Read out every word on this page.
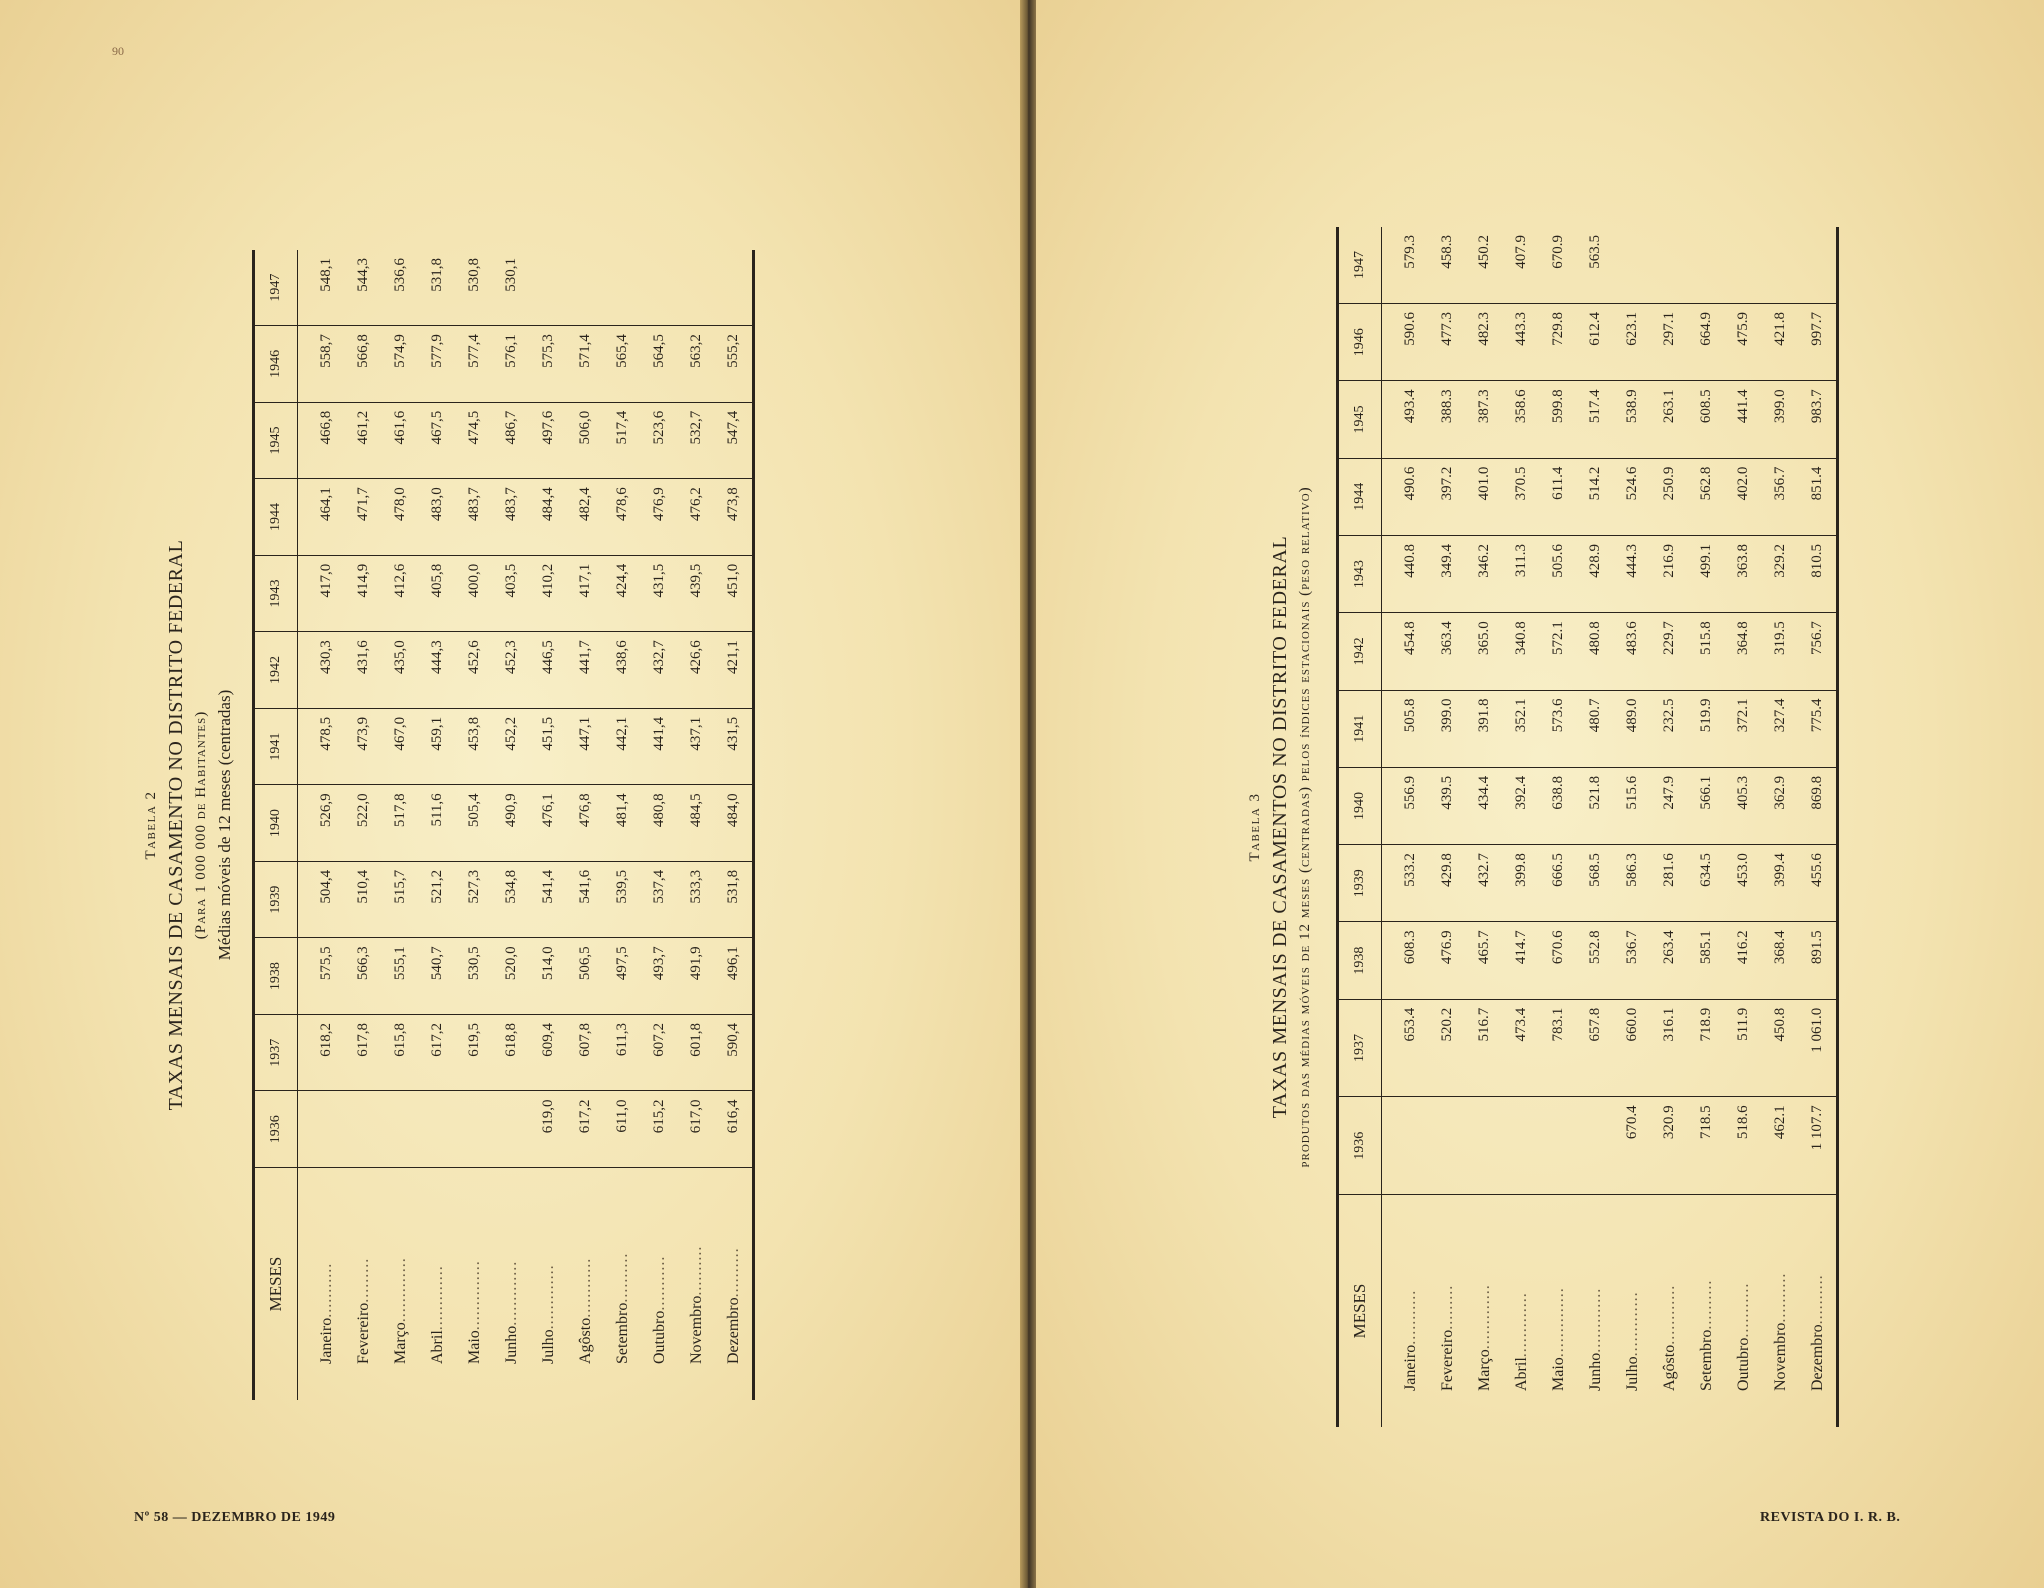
90
Tabela 2 TAXAS MENSAIS DE CASAMENTO NO DISTRITO FEDERAL (Para 1 000 000 de Habitantes) Médias móveis de 12 meses (centradas)
MESES	1936	1937	1938	1939	1940	1941	1942	1943	1944	1945	1946	1947
Janeiro...........		618,2	575,5	504,4	526,9	478,5	430,3	417,0	464,1	466,8	558,7	548,1
Fevereiro.........		617,8	566,3	510,4	522,0	473,9	431,6	414,9	471,7	461,2	566,8	544,3
Março.............		615,8	555,1	515,7	517,8	467,0	435,0	412,6	478,0	461,6	574,9	536,6
Abril.............		617,2	540,7	521,2	511,6	459,1	444,3	405,8	483,0	467,5	577,9	531,8
Maio..............		619,5	530,5	527,3	505,4	453,8	452,6	400,0	483,7	474,5	577,4	530,8
Junho.............		618,8	520,0	534,8	490,9	452,2	452,3	403,5	483,7	486,7	576,1	530,1
Julho.............	619,0	609,4	514,0	541,4	476,1	451,5	446,5	410,2	484,4	497,6	575,3	
Agôsto............	617,2	607,8	506,5	541,6	476,8	447,1	441,7	417,1	482,4	506,0	571,4	
Setembro..........	611,0	611,3	497,5	539,5	481,4	442,1	438,6	424,4	478,6	517,4	565,4	
Outubro...........	615,2	607,2	493,7	537,4	480,8	441,4	432,7	431,5	476,9	523,6	564,5	
Novembro..........	617,0	601,8	491,9	533,3	484,5	437,1	426,6	439,5	476,2	532,7	563,2	
Dezembro..........	616,4	590,4	496,1	531,8	484,0	431,5	421,1	451,0	473,8	547,4	555,2	
Tabela 3 TAXAS MENSAIS DE CASAMENTOS NO DISTRITO FEDERAL produtos das médias móveis de 12 meses (centradas) pelos índices estacionais (peso relativo)
MESES	1936	1937	1938	1939	1940	1941	1942	1943	1944	1945	1946	1947
Janeiro...........		653.4	608.3	533.2	556.9	505.8	454.8	440.8	490.6	493.4	590.6	579.3
Fevereiro.........		520.2	476.9	429.8	439.5	399.0	363.4	349.4	397.2	388.3	477.3	458.3
Março.............		516.7	465.7	432.7	434.4	391.8	365.0	346.2	401.0	387.3	482.3	450.2
Abril.............		473.4	414.7	399.8	392.4	352.1	340.8	311.3	370.5	358.6	443.3	407.9
Maio..............		783.1	670.6	666.5	638.8	573.6	572.1	505.6	611.4	599.8	729.8	670.9
Junho.............		657.8	552.8	568.5	521.8	480.7	480.8	428.9	514.2	517.4	612.4	563.5
Julho.............	670.4	660.0	536.7	586.3	515.6	489.0	483.6	444.3	524.6	538.9	623.1	
Agôsto............	320.9	316.1	263.4	281.6	247.9	232.5	229.7	216.9	250.9	263.1	297.1	
Setembro..........	718.5	718.9	585.1	634.5	566.1	519.9	515.8	499.1	562.8	608.5	664.9	
Outubro...........	518.6	511.9	416.2	453.0	405.3	372.1	364.8	363.8	402.0	441.4	475.9	
Novembro..........	462.1	450.8	368.4	399.4	362.9	327.4	319.5	329.2	356.7	399.0	421.8	
Dezembro..........	1 107.7	1 061.0	891.5	455.6	869.8	775.4	756.7	810.5	851.4	983.7	997.7	
Nº 58 — DEZEMBRO DE 1949	REVISTA DO I. R. B.
